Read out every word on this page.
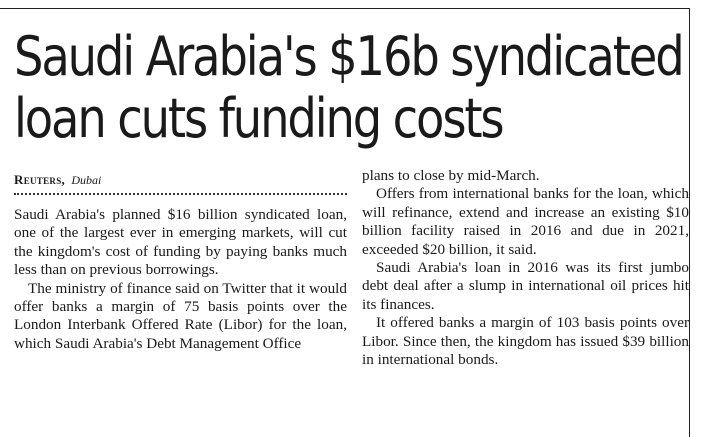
Saudi Arabia's $16b syndicated
loan cuts funding costs
Reuters, Dubai

Saudi Arabia's planned $16 billion syndicated loan, one of the largest ever in emerging markets, will cut the kingdom's cost of funding by paying banks much less than on previous borrowings.

The ministry of finance said on Twitter that it would offer banks a margin of 75 basis points over the London Interbank Offered Rate (Libor) for the loan, which Saudi Arabia's Debt Management Office

plans to close by mid-March.

Offers from international banks for the loan, which will refinance, extend and increase an existing $10 billion facility raised in 2016 and due in 2021, exceeded $20 billion, it said.

Saudi Arabia's loan in 2016 was its first jumbo debt deal after a slump in international oil prices hit its finances.

It offered banks a margin of 103 basis points over Libor. Since then, the kingdom has issued $39 billion in international bonds.
